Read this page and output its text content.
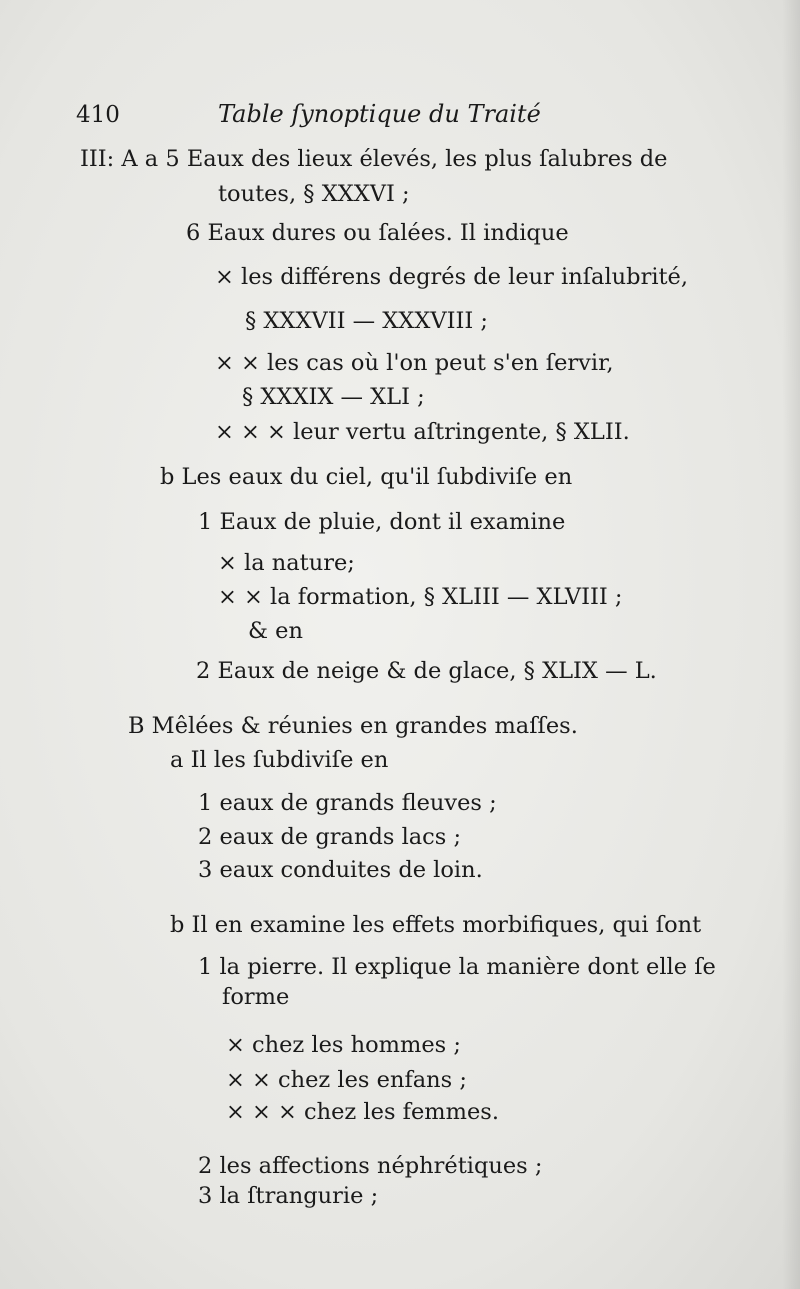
410	Table ſynoptique du Traité
III: A a 5 Eaux des lieux élevés, les plus ſalubres de
toutes, § XXXVI ;
6 Eaux dures ou ſalées. Il indique
× les différens degrés de leur inſalubrité,
§ XXXVII — XXXVIII ;
× × les cas où l'on peut s'en ſervir,
§ XXXIX — XLI ;
× × × leur vertu aſtringente, § XLII.
b Les eaux du ciel, qu'il ſubdiviſe en
1 Eaux de pluie, dont il examine
× la nature;
× × la formation, § XLIII — XLVIII ;
& en
2 Eaux de neige & de glace, § XLIX — L.
B Mêlées & réunies en grandes maſſes.
a Il les ſubdiviſe en
1 eaux de grands fleuves ;
2 eaux de grands lacs ;
3 eaux conduites de loin.
b Il en examine les effets morbifiques, qui ſont
1 la pierre. Il explique la manière dont elle ſe
forme
× chez les hommes ;
× × chez les enfans ;
× × × chez les femmes.
2 les affections néphrétiques ;
3 la ſtrangurie ;
